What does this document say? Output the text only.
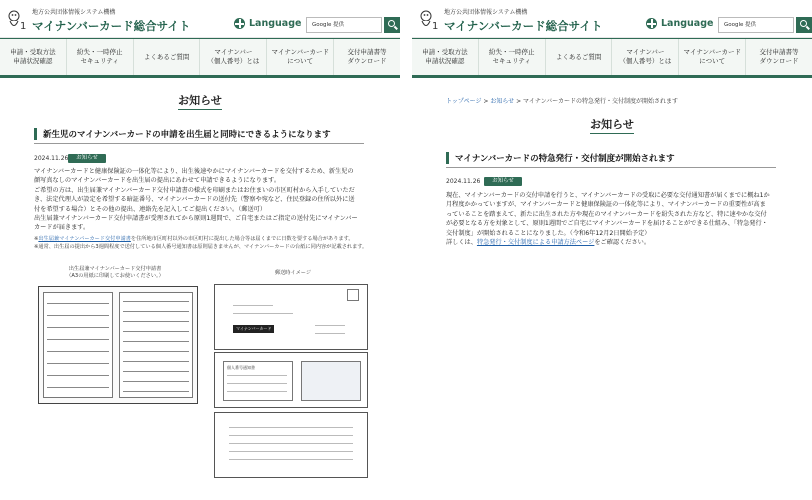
1
地方公共団体情報システム機構
マイナンバーカード総合サイト	Language Google 提供
申請・受取方法
申請状況確認
紛失・一時停止
セキュリティ
よくあるご質問
マイナンバー
（個人番号）とは
マイナンバーカード
について
交付申請書等
ダウンロード
お知らせ
新生児のマイナンバーカードの申請を出生届と同時にできるようになります
2024.11.26	お知らせ
マイナンバーカードと健康保険証の一体化等により、出生後速やかにマイナンバーカードを交付するため、新生児の
顔写真なしのマイナンバーカードを出生届の提出にあわせて申請できるようになります。
ご希望の方は、出生届兼マイナンバーカード交付申請書の様式を印刷またはお住まいの市区町村から入手していただ
き、法定代理人が設定を希望する暗証番号、マイナンバーカードの送付先（警察や宛など、住民登録の住所以外に送
付を希望する場合）とその他の提出、連絡先を記入してご提出ください。（郵送可）
出生届兼マイナンバーカード交付申請書が受理されてから原則1週間で、ご自宅またはご指定の送付先にマイナンバー
カードが届きます。
※出生届兼マイナンバーカード交付申請書を住所地市区町村以外の市区町村に提出した場合等は届くまでに日数を要する場合があります。
※通常、出生届の提出から3週間程度で送付している個人番号通知書は原則届きませんが、マイナンバーカードの台紙に同内容が記載されます。
出生届兼マイナンバーカード交付申請書
（A3の用紙に印刷してお使いください。）	郵送時イメージ
マイナンバーカード
個人番号通知書
1
地方公共団体情報システム機構
マイナンバーカード総合サイト	Language Google 提供
申請・受取方法
申請状況確認
紛失・一時停止
セキュリティ
よくあるご質問
マイナンバー
（個人番号）とは
マイナンバーカード
について
交付申請書等
ダウンロード
トップページ > お知らせ > マイナンバーカードの特急発行・交付制度が開始されます
お知らせ
マイナンバーカードの特急発行・交付制度が開始されます
2024.11.26	お知らせ
現在、マイナンバーカードの交付申請を行うと、マイナンバーカードの受取に必要な交付通知書が届くまでに概ね1か
月程度かかっていますが、マイナンバーカードと健康保険証の一体化等により、マイナンバーカードの重要性が高ま
っていることを踏まえて、新たに出生された方や現在のマイナンバーカードを紛失された方など、特に速やかな交付
が必要となる方を対象として、原則1週間でご自宅にマイナンバーカードを届けることができる仕組み、「特急発行・
交付制度」が開始されることになりました。（令和6年12月2日開始予定）
詳しくは、特急発行・交付制度による申請方法ページをご確認ください。
